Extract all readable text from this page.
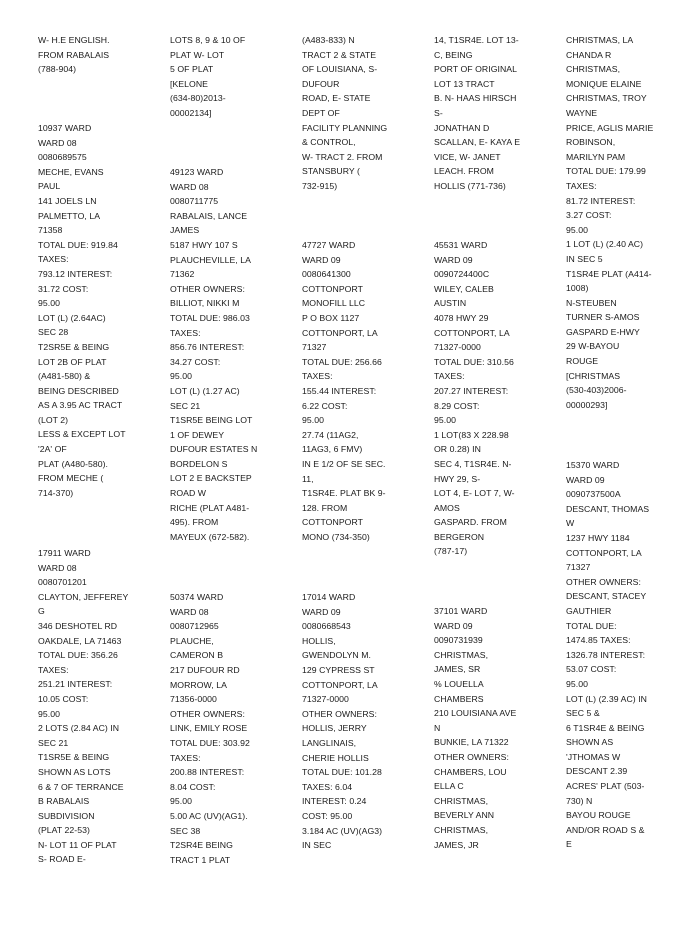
W- H.E ENGLISH.
FROM RABALAIS
(788-904)
10937 WARD
WARD 08
0080689575
MECHE, EVANS
PAUL
141 JOELS LN
PALMETTO, LA
71358
TOTAL DUE: 919.84
TAXES:
793.12 INTEREST:
31.72 COST:
95.00
LOT (L) (2.64AC)
SEC 28
T2SR5E & BEING
LOT 2B OF PLAT
(A481-580) &
BEING DESCRIBED
AS A 3.95 AC TRACT
(LOT 2)
LESS & EXCEPT LOT
'2A' OF
PLAT (A480-580).
FROM MECHE (
714-370)
17911 WARD
WARD 08
0080701201
CLAYTON, JEFFEREY
G
346 DESHOTEL RD
OAKDALE, LA 71463
TOTAL DUE: 356.26
TAXES:
251.21 INTEREST:
10.05 COST:
95.00
2 LOTS (2.84 AC) IN
SEC 21
T1SR5E & BEING
SHOWN AS LOTS
6 & 7 OF TERRANCE
B RABALAIS
SUBDIVISION
(PLAT 22-53)
N- LOT 11 OF PLAT
S- ROAD E-
LOTS 8, 9 & 10 OF
PLAT W- LOT
5 OF PLAT
[KELONE
(634-80)2013-
00002134]
49123 WARD
WARD 08
0080711775
RABALAIS, LANCE
JAMES
5187 HWY 107 S
PLAUCHEVILLE, LA
71362
OTHER OWNERS:
BILLIOT, NIKKI M
TOTAL DUE: 986.03
TAXES:
856.76 INTEREST:
34.27 COST:
95.00
LOT (L) (1.27 AC)
SEC 21
T1SR5E BEING LOT
1 OF DEWEY
DUFOUR ESTATES N
BORDELON S
LOT 2 E BACKSTEP
ROAD W
RICHE (PLAT A481-
495). FROM
MAYEUX (672-582).
50374 WARD
WARD 08
0080712965
PLAUCHE,
CAMERON B
217 DUFOUR RD
MORROW, LA
71356-0000
OTHER OWNERS:
LINK, EMILY ROSE
TOTAL DUE: 303.92
TAXES:
200.88 INTEREST:
8.04 COST:
95.00
5.00 AC (UV)(AG1).
SEC 38
T2SR4E BEING
TRACT 1 PLAT
(A483-833) N
TRACT 2 & STATE
OF LOUISIANA, S-
DUFOUR
ROAD, E- STATE
DEPT OF
FACILITY PLANNING
& CONTROL,
W- TRACT 2. FROM
STANSBURY (
732-915)
47727 WARD
WARD 09
0080641300
COTTONPORT
MONOFILL LLC
P O BOX 1127
COTTONPORT, LA
71327
TOTAL DUE: 256.66
TAXES:
155.44 INTEREST:
6.22 COST:
95.00
27.74 (11AG2,
11AG3, 6 FMV)
IN E 1/2 OF SE SEC.
11,
T1SR4E. PLAT BK 9-
128. FROM
COTTONPORT
MONO (734-350)
17014 WARD
WARD 09
0080668543
HOLLIS,
GWENDOLYN M.
129 CYPRESS ST
COTTONPORT, LA
71327-0000
OTHER OWNERS:
HOLLIS, JERRY
LANGLINAIS,
CHERIE HOLLIS
TOTAL DUE: 101.28
TAXES: 6.04
INTEREST: 0.24
COST: 95.00
3.184 AC (UV)(AG3)
IN SEC
14, T1SR4E. LOT 13-
C, BEING
PORT OF ORIGINAL
LOT 13 TRACT
B. N- HAAS HIRSCH
S-
JONATHAN D
SCALLAN, E- KAYA E
VICE, W- JANET
LEACH. FROM
HOLLIS (771-736)
45531 WARD
WARD 09
0090724400C
WILEY, CALEB
AUSTIN
4078 HWY 29
COTTONPORT, LA
71327-0000
TOTAL DUE: 310.56
TAXES:
207.27 INTEREST:
8.29 COST:
95.00
1 LOT(83 X 228.98
OR 0.28) IN
SEC 4, T1SR4E. N-
HWY 29, S-
LOT 4, E- LOT 7, W-
AMOS
GASPARD. FROM
BERGERON
(787-17)
37101 WARD
WARD 09
0090731939
CHRISTMAS,
JAMES, SR
% LOUELLA
CHAMBERS
210 LOUISIANA AVE
N
BUNKIE, LA 71322
OTHER OWNERS:
CHAMBERS, LOU
ELLA C
CHRISTMAS,
BEVERLY ANN
CHRISTMAS,
JAMES, JR
CHRISTMAS, LA
CHANDA R
CHRISTMAS,
MONIQUE ELAINE
CHRISTMAS, TROY
WAYNE
PRICE, AGLIS MARIE
ROBINSON,
MARILYN PAM
TOTAL DUE: 179.99
TAXES:
81.72 INTEREST:
3.27 COST:
95.00
1 LOT (L) (2.40 AC)
IN SEC 5
T1SR4E PLAT (A414-
1008)
N-STEUBEN
TURNER S-AMOS
GASPARD E-HWY
29 W-BAYOU
ROUGE
[CHRISTMAS
(530-403)2006-
00000293]
15370 WARD
WARD 09
0090737500A
DESCANT, THOMAS
W
1237 HWY 1184
COTTONPORT, LA
71327
OTHER OWNERS:
DESCANT, STACEY
GAUTHIER
TOTAL DUE:
1474.85 TAXES:
1326.78 INTEREST:
53.07 COST:
95.00
LOT (L) (2.39 AC) IN
SEC 5 &
6 T1SR4E & BEING
SHOWN AS
'JTHOMAS W
DESCANT 2.39
ACRES' PLAT (503-
730) N
BAYOU ROUGE
AND/OR ROAD S &
E
